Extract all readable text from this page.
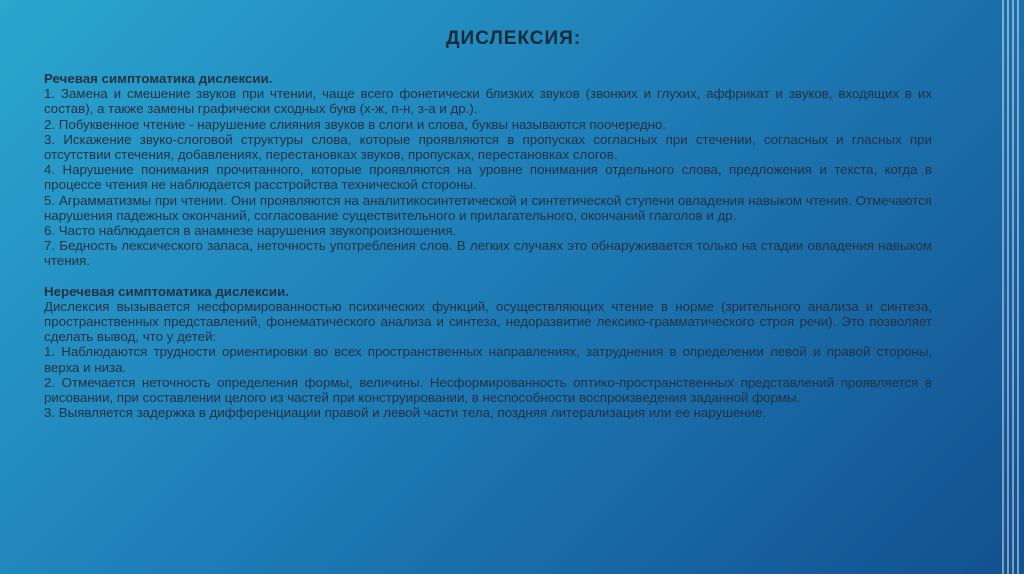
ДИСЛЕКСИЯ:

Речевая симптоматика дислексии.

1. Замена и смешение звуков при чтении, чаще всего фонетически близких звуков (звонких и глухих, аффрикат и звуков, входящих в их состав), а также замены графически сходных букв (х-ж, п-н, з-а и др.).

2. Побуквенное чтение - нарушение слияния звуков в слоги и слова, буквы называются поочередно.

3. Искажение звуко-слоговой структуры слова, которые проявляются в пропусках согласных при стечении, согласных и гласных при отсутствии стечения, добавлениях, перестановках звуков, пропусках, перестановках слогов.

4. Нарушение понимания прочитанного, которые проявляются на уровне понимания отдельного слова, предложения и текста, когда в процессе чтения не наблюдается расстройства технической стороны.

5. Аграмматизмы при чтении. Они проявляются на аналитикосинтетической и синтетической ступени овладения навыком чтения. Отмечаются нарушения падежных окончаний, согласование существительного и прилагательного, окончаний глаголов и др.

6. Часто наблюдается в анамнезе нарушения звукопроизношения.

7. Бедность лексического запаса, неточность употребления слов. В легких случаях это обнаруживается только на стадии овладения навыком чтения.

Неречевая симптоматика дислексии.

Дислексия вызывается несформированностью психических функций, осуществляющих чтение в норме (зрительного анализа и синтеза, пространственных представлений, фонематического анализа и синтеза, недоразвитие лексико-грамматического строя речи). Это позволяет сделать вывод, что у детей:

1. Наблюдаются трудности ориентировки во всех пространственных направлениях, затруднения в определении левой и правой стороны, верха и низа.

2. Отмечается неточность определения формы, величины. Несформированность оптико-пространственных представлений проявляется в рисовании, при составлении целого из частей при конструировании, в неспособности воспроизведения заданной формы.

3. Выявляется задержка в дифференциации правой и левой части тела, поздняя литерализация или ее нарушение.
